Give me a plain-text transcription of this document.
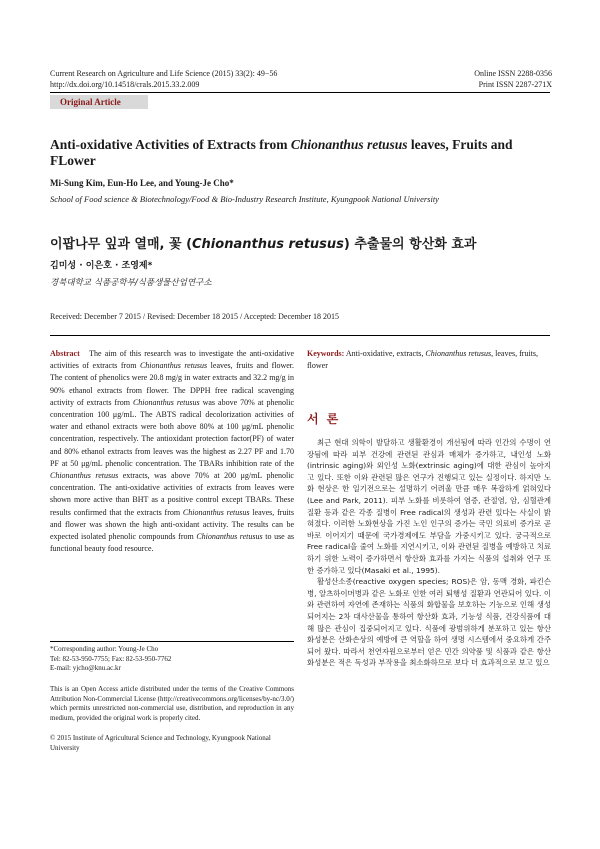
Current Research on Agriculture and Life Science (2015) 33(2): 49−56
http://dx.doi.org/10.14518/crals.2015.33.2.009
Online ISSN 2288-0356
Print ISSN 2287-271X
Original Article
Anti-oxidative Activities of Extracts from Chionanthus retusus leaves, Fruits and FLower
Mi-Sung Kim, Eun-Ho Lee, and Young-Je Cho*
School of Food science & Biotechnology/Food & Bio-Industry Research Institute, Kyungpook National University
이팝나무 잎과 열매, 꽃 (Chionanthus retusus) 추출물의 항산화 효과
김미성 · 이은호 · 조영제*
경북대학교 식품공학부/식품생물산업연구소
Received: December 7 2015 / Revised: December 18 2015 / Accepted: December 18 2015
Abstract The aim of this research was to investigate the anti-oxidative activities of extracts from Chionanthus retusus leaves, fruits and flower. The content of phenolics were 20.8 mg/g in water extracts and 32.2 mg/g in 90% ethanol extracts from flower. The DPPH free radical scavenging activity of extracts from Chionanthus retusus was above 70% at phenolic concentration 100 μg/mL. The ABTS radical decolorization activities of water and ethanol extracts were both above 80% at 100 μg/mL phenolic concentration, respectively. The antioxidant protection factor(PF) of water and 80% ethanol extracts from leaves was the highest as 2.27 PF and 1.70 PF at 50 μg/mL phenolic concentration. The TBARs inhibition rate of the Chionanthus retusus extracts, was above 70% at 200 μg/mL phenolic concentration. The anti-oxidative activities of extracts from leaves were shown more active than BHT as a positive control except TBARs. These results confirmed that the extracts from Chionanthus retusus leaves, fruits and flower was shown the high anti-oxidant activity. The results can be expected isolated phenolic compounds from Chionanthus retusus to use as functional beauty food resource.
Keywords: Anti-oxidative, extracts, Chionanthus retusus, leaves, fruits, flower
서론

최근 현대 의학이 발달하고 생활환경이 개선됨에 따라 인간의 수명이 연장됨에 따라 피부 건강에 관련된 관심과 매체가 증가하고, 내인성 노화(intrinsic aging)와 외인성 노화(extrinsic aging)에 대한 관심이 높아지고 있다. 또한 이와 관련된 많은 연구가 진행되고 있는 실정이다. 하지만 노화 현상은 한 일기전으로는 설명하기 어려울 만큼 매우 복잡하게 얽혀있다(Lee and Park, 2011). 피부 노화를 비롯하여 염증, 관절염, 암, 심혈관계 질환 등과 같은 각종 질병이 Free radical의 생성과 관련 있다는 사실이 밝혀졌다. 이러한 노화현상을 가진 노인 인구의 증가는 국민 의료비 증가로 곧바로 이어지기 때문에 국가경제에도 부담을 가중시키고 있다. 궁극적으로 Free radical을 줄여 노화를 지연시키고, 이와 관련된 질병을 예방하고 치료하기 위한 노력이 증가하면서 항산화 효과를 가지는 식품의 섭취와 연구 또한 증가하고 있다(Masaki et al., 1995).

활성산소종(reactive oxygen species; ROS)은 암, 동맥 경화, 파킨슨병, 알츠하이머병과 같은 노화로 인한 여러 퇴행성 질환과 연관되어 있다. 이와 관련하여 자연에 존재하는 식품의 화합물을 보호하는 기능으로 인해 생성되어지는 2차 대사산물을 통하여 항산화 효과, 기능성 식품, 건강식품에 대해 많은 관심이 집중되어지고 있다. 식품에 광범위하게 분포하고 있는 항산화성분은 산화손상의 예방에 큰 역할을 하여 생명 시스템에서 중요하게 간주되어 왔다. 따라서 천연자원으로부터 얻은 민간 의약품 및 식품과 같은 항산화성분은 적은 독성과 부작용을 최소화하므로 보다 더 효과적으로 보고 있으

*Corresponding author: Young-Je Cho
Tel: 82-53-950-7755; Fax: 82-53-950-7762
E-mail: yjcho@knu.ac.kr
This is an Open Access article distributed under the terms of the Creative Commons Attribution Non-Commercial License (http://creativecommons.org/licenses/by-nc/3.0/) which permits unrestricted non-commercial use, distribution, and reproduction in any medium, provided the original work is properly cited.
© 2015 Institute of Agricultural Science and Technology, Kyungpook National University
